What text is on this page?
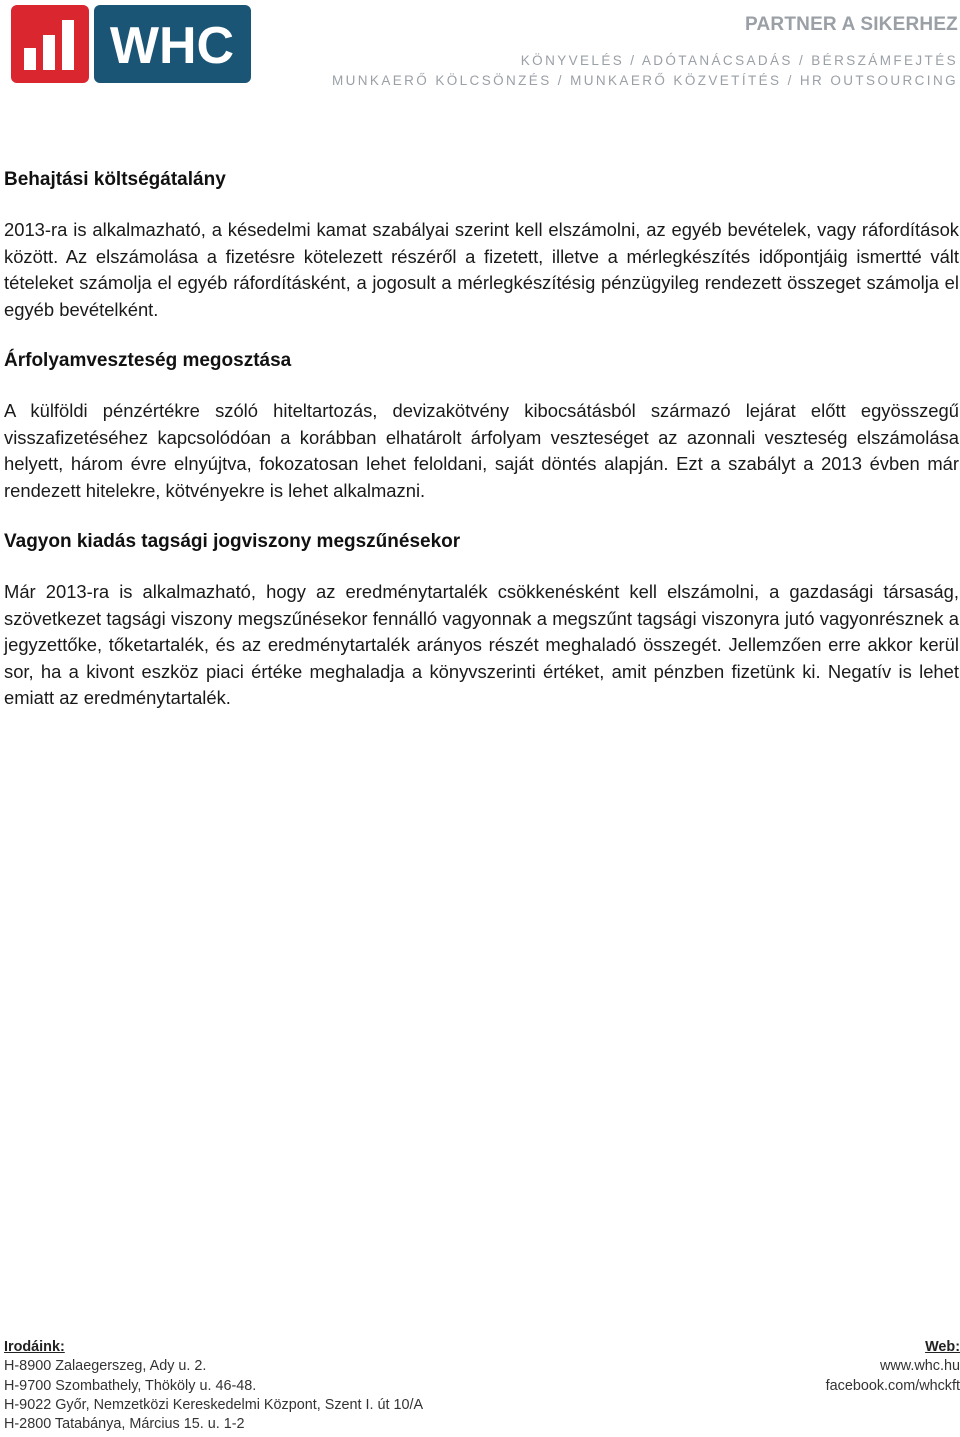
WHC	PARTNER A SIKERHEZ
KÖNYVELÉS / ADÓTANÁCSADÁS / BÉRSZÁMFEJTÉS
MUNKAERŐ KÖLCSÖNZÉS / MUNKAERŐ KÖZVETÍTÉS / HR OUTSOURCING
Behajtási költségátalány

2013-ra is alkalmazható, a késedelmi kamat szabályai szerint kell elszámolni, az egyéb bevételek, vagy ráfordítások között. Az elszámolása a fizetésre kötelezett részéről a fizetett, illetve a mérlegkészítés időpontjáig ismertté vált tételeket számolja el egyéb ráfordításként, a jogosult a mérlegkészítésig pénzügyileg rendezett összeget számolja el egyéb bevételként.

Árfolyamveszteség megosztása

A külföldi pénzértékre szóló hiteltartozás, devizakötvény kibocsátásból származó lejárat előtt egyösszegű visszafizetéséhez kapcsolódóan a korábban elhatárolt árfolyam veszteséget az azonnali veszteség elszámolása helyett, három évre elnyújtva, fokozatosan lehet feloldani, saját döntés alapján. Ezt a szabályt a 2013 évben már rendezett hitelekre, kötvényekre is lehet alkalmazni.

Vagyon kiadás tagsági jogviszony megszűnésekor

Már 2013-ra is alkalmazható, hogy az eredménytartalék csökkenésként kell elszámolni, a gazdasági társaság, szövetkezet tagsági viszony megszűnésekor fennálló vagyonnak a megszűnt tagsági viszonyra jutó vagyonrésznek a jegyzettőke, tőketartalék, és az eredménytartalék arányos részét meghaladó összegét. Jellemzően erre akkor kerül sor, ha a kivont eszköz piaci értéke meghaladja a könyvszerinti értéket, amit pénzben fizetünk ki. Negatív is lehet emiatt az eredménytartalék.

Irodáink:
H-8900 Zalaegerszeg, Ady u. 2.
H-9700 Szombathely, Thököly u. 46-48.
H-9022 Győr, Nemzetközi Kereskedelmi Központ, Szent I. út 10/A
H-2800 Tatabánya, Március 15. u. 1-2
Web:
www.whc.hu
facebook.com/whckft
